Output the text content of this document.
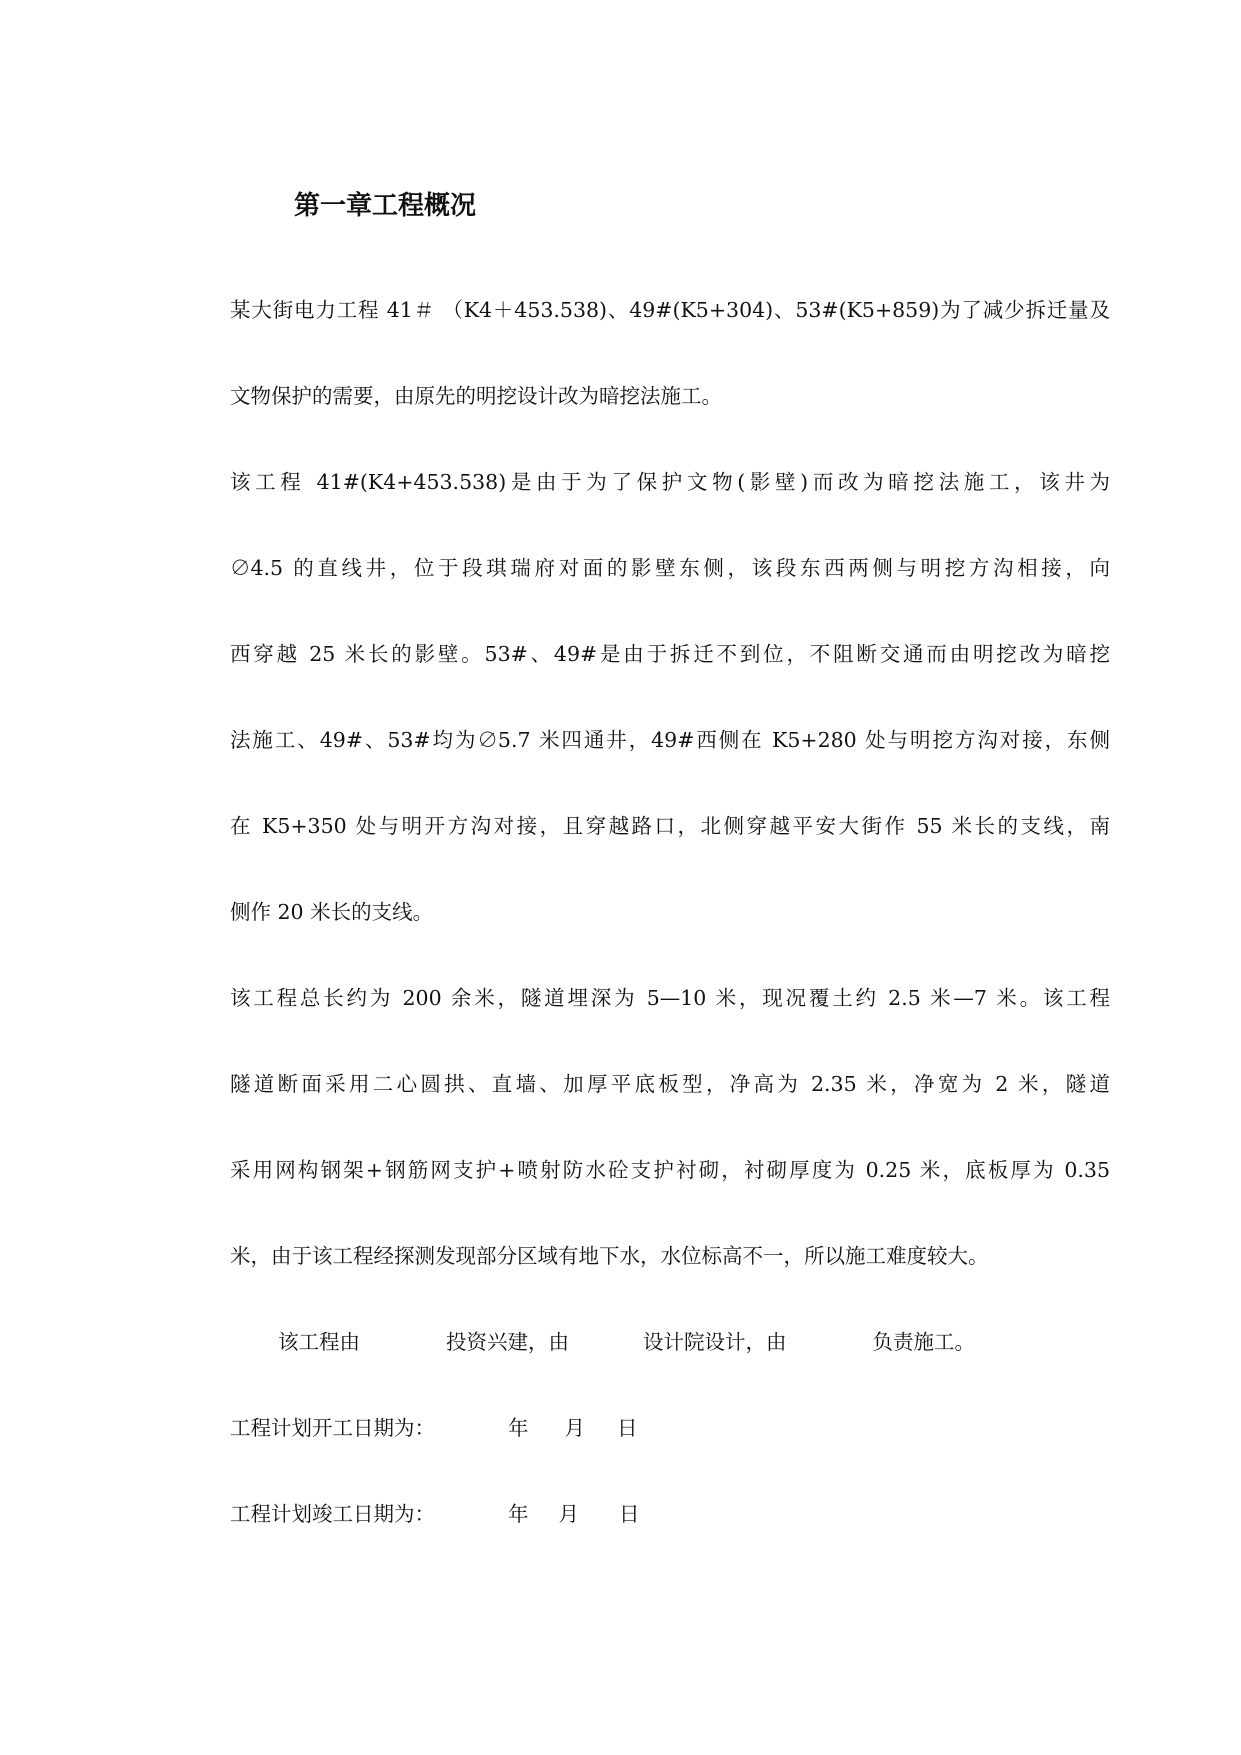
第一章工程概况

某大街电力工程 41＃ （K4＋453.538)、49#(K5+304)、53#(K5+859)为了减少拆迁量及

文物保护的需要，由原先的明挖设计改为暗挖法施工。

该工程 41#(K4+453.538)是由于为了保护文物(影壁)而改为暗挖法施工，该井为

∅4.5 的直线井，位于段琪瑞府对面的影壁东侧，该段东西两侧与明挖方沟相接，向

西穿越 25 米长的影壁。53#、49#是由于拆迁不到位，不阻断交通而由明挖改为暗挖

法施工、49#、53#均为∅5.7 米四通井，49#西侧在 K5+280 处与明挖方沟对接，东侧

在 K5+350 处与明开方沟对接，且穿越路口，北侧穿越平安大街作 55 米长的支线，南

侧作 20 米长的支线。

该工程总长约为 200 余米，隧道埋深为 5—10 米，现况覆土约 2.5 米—7 米。该工程

隧道断面采用二心圆拱、直墙、加厚平底板型，净高为 2.35 米，净宽为 2 米，隧道

采用网构钢架+钢筋网支护+喷射防水砼支护衬砌，衬砌厚度为 0.25 米，底板厚为 0.35

米，由于该工程经探测发现部分区域有地下水，水位标高不一，所以施工难度较大。

该工程由	投资兴建，由	设计院设计，由	负责施工。

工程计划开工日期为：	年 月 日

工程计划竣工日期为：	年 月 日
